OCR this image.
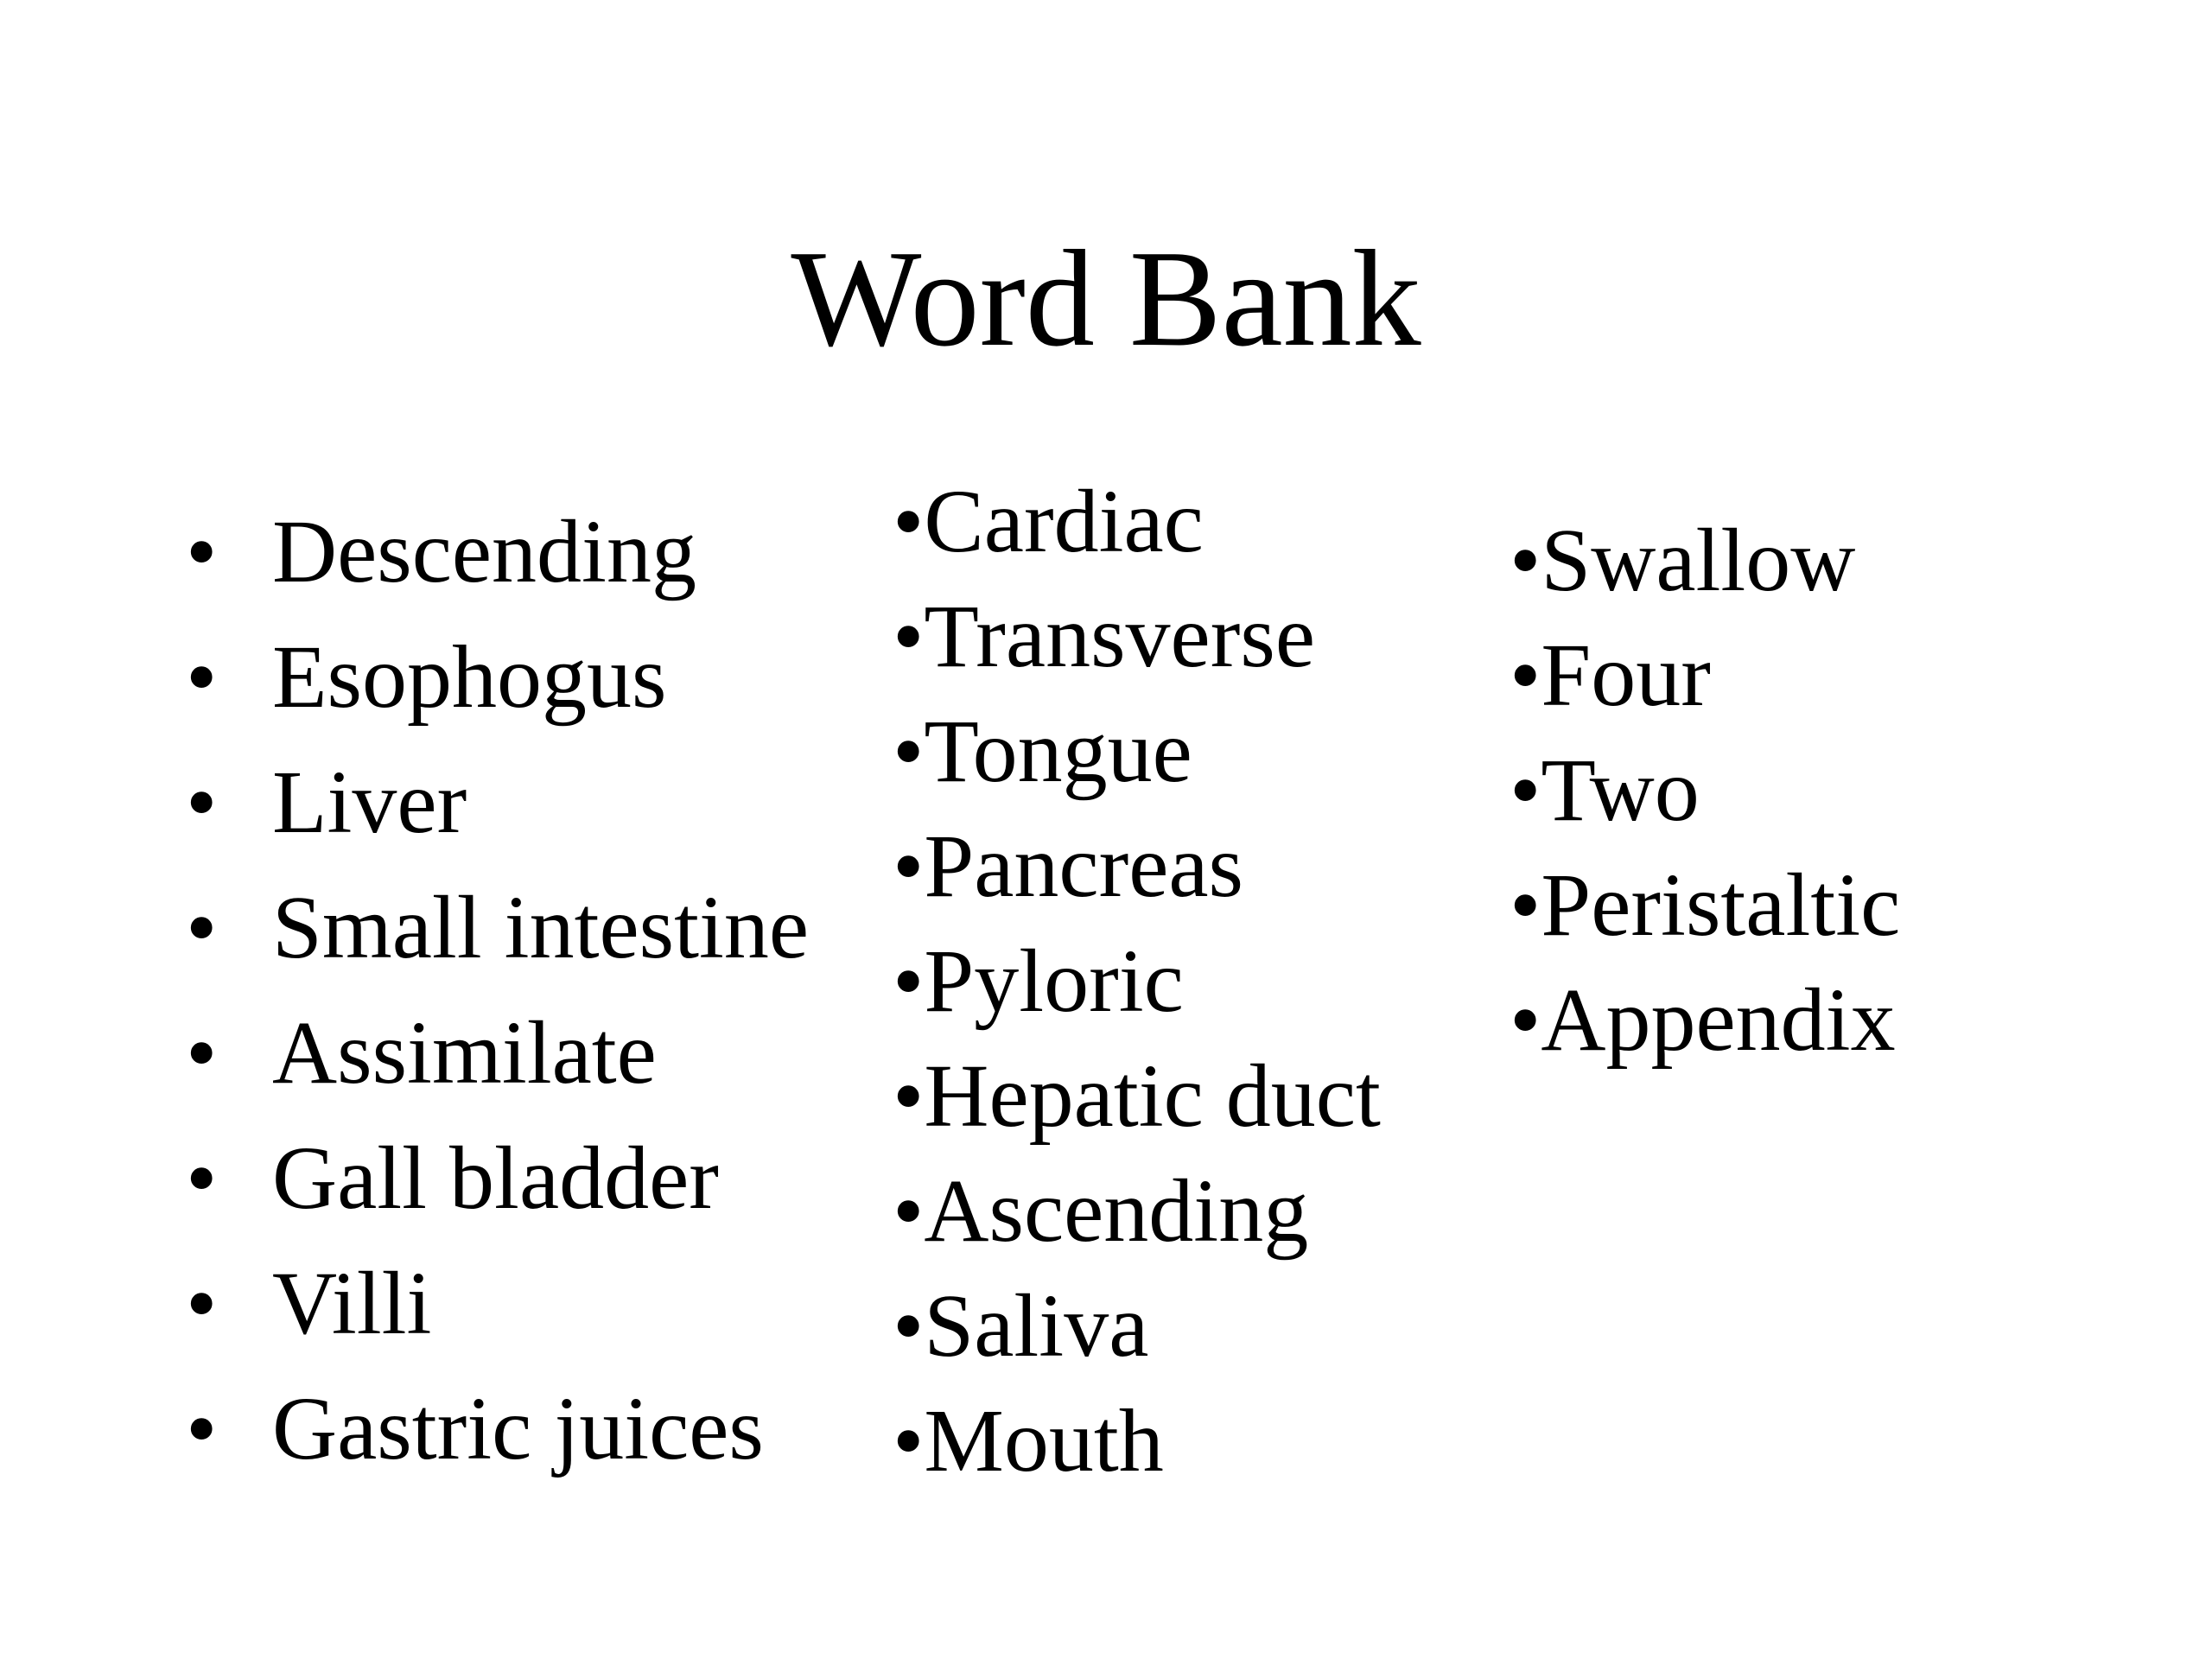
Word Bank
• Descending
• Esophogus
• Liver
• Small intestine
• Assimilate
• Gall bladder
• Villi
• Gastric juices
•Cardiac
•Transverse
•Tongue
•Pancreas
•Pyloric
•Hepatic duct
•Ascending
•Saliva
•Mouth
•Swallow
•Four
•Two
•Peristaltic
•Appendix
